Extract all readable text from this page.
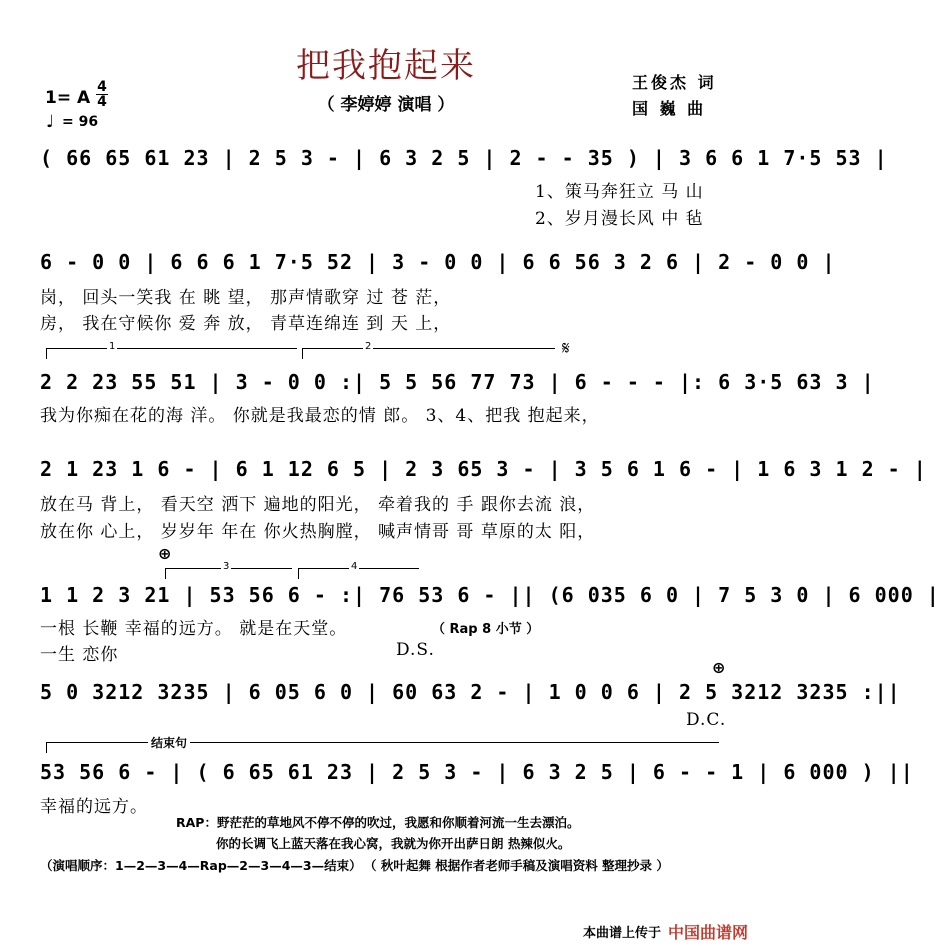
把我抱起来
（ 李婷婷 演唱 ）
王俊杰 词
国 巍 曲
1= A
4
4
♩ = 96
( 66 65 61 23 | 2 5 3 - | 6 3 2 5 | 2 - - 35 ) | 3 6 6 1 7·5 53 |
1、策马奔狂立 马 山
2、岁月漫长风 中 毡
6 - 0 0 | 6 6 6 1 7·5 52 | 3 - 0 0 | 6 6 56 3 2 6 | 2 - 0 0 |
岗， 回头一笑我 在 眺 望， 那声情歌穿 过 苍 茫，
房， 我在守候你 爱 奔 放， 青草连绵连 到 天 上，
1	2	𝄋
2 2 23 55 51 | 3 - 0 0 :| 5 5 56 77 73 | 6 - - - |: 6 3·5 63 3 |
我为你痴在花的海 洋。 你就是我最恋的情 郎。 3、4、把我 抱起来，
2 1 23 1 6 - | 6 1 12 6 5 | 2 3 65 3 - | 3 5 6 1 6 - | 1 6 3 1 2 - |
放在马 背上， 看天空 洒下 遍地的阳光， 牵着我的 手 跟你去流 浪，
放在你 心上， 岁岁年 年在 你火热胸膛， 喊声情哥 哥 草原的太 阳，
⊕
3	4
1 1 2 3 21 | 53 56 6 - :| 76 53 6 - || (6 035 6 0 | 7 5 3 0 | 6 000 |
一根 长鞭 幸福的远方。 就是在天堂。	（ Rap 8 小节 ）
一生 恋你	D.S.
⊕
5 0 3212 3235 | 6 05 6 0 | 60 63 2 - | 1 0 0 6 | 2 5 3212 3235 :||
D.C.
结束句
53 56 6 - | ( 6 65 61 23 | 2 5 3 - | 6 3 2 5 | 6 - - 1 | 6 000 ) ||
幸福的远方。
RAP：野茫茫的草地风不停不停的吹过，我愿和你顺着河流一生去漂泊。
你的长调飞上蓝天落在我心窝，我就为你开出萨日朗 热辣似火。
（演唱顺序：1—2—3—4—Rap—2—3—4—3—结束） （ 秋叶起舞 根据作者老师手稿及演唱资料 整理抄录 ）
本曲谱上传于 中国曲谱网
